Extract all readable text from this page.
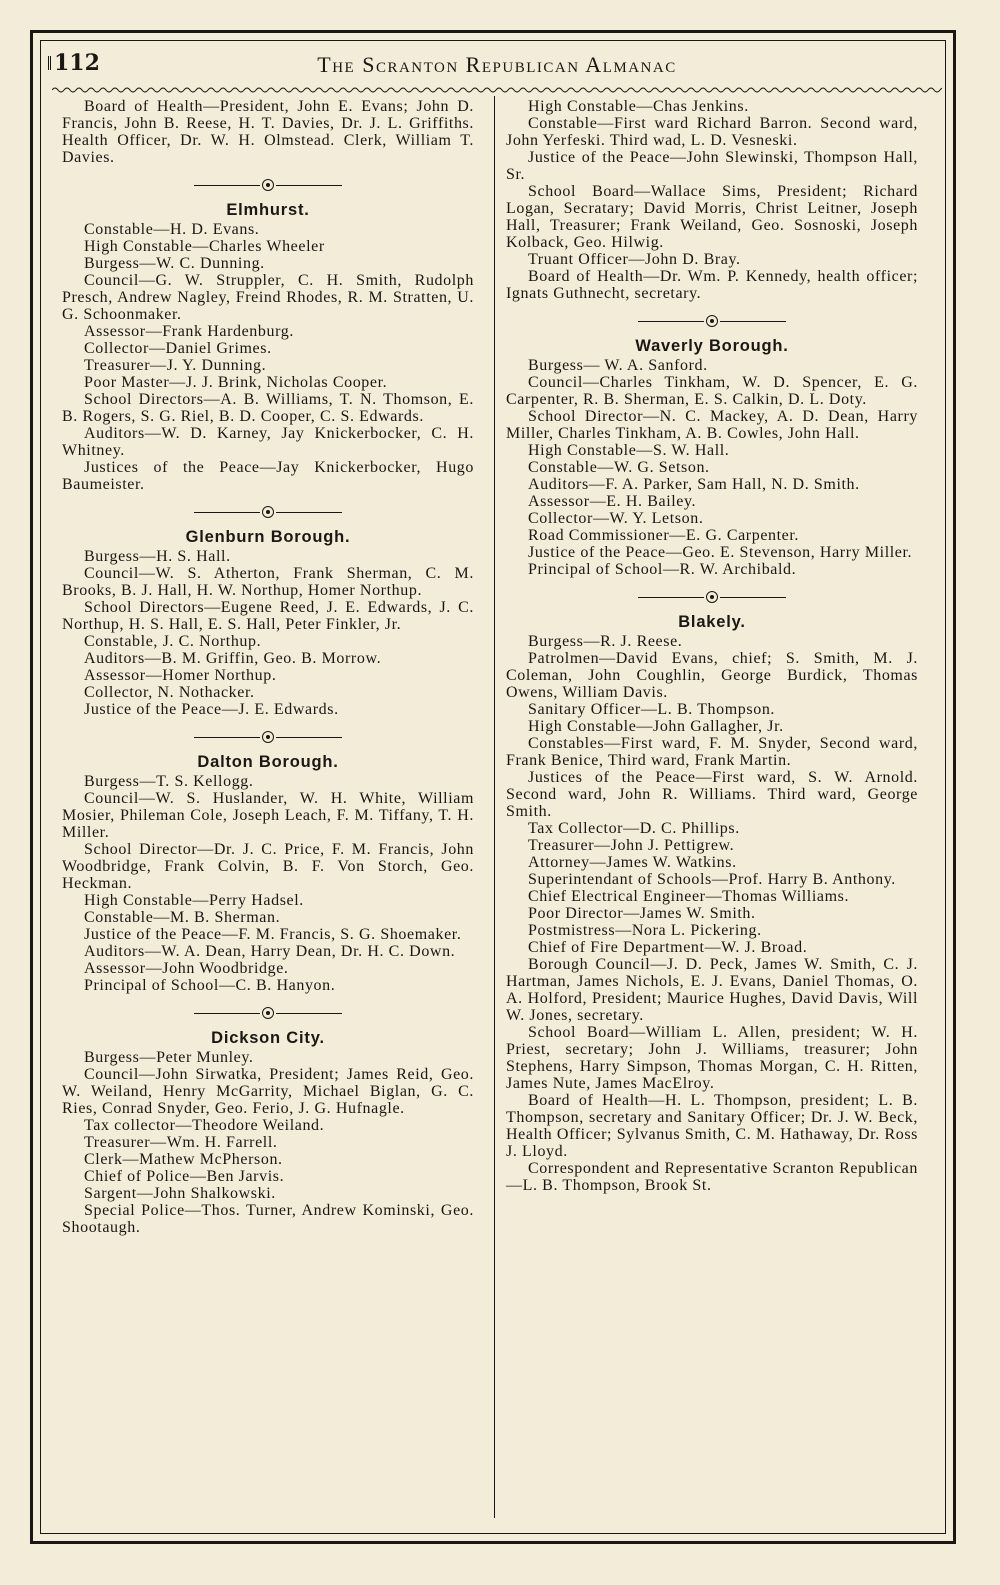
112	The Scranton Republican Almanac

Board of Health—President, John E. Evans; John D. Francis, John B. Reese, H. T. Davies, Dr. J. L. Griffiths. Health Officer, Dr. W. H. Olmstead. Clerk, William T. Davies.

Elmhurst.

Constable—H. D. Evans.

High Constable—Charles Wheeler

Burgess—W. C. Dunning.

Council—G. W. Struppler, C. H. Smith, Rudolph Presch, Andrew Nagley, Freind Rhodes, R. M. Stratten, U. G. Schoonmaker.

Assessor—Frank Hardenburg.

Collector—Daniel Grimes.

Treasurer—J. Y. Dunning.

Poor Master—J. J. Brink, Nicholas Cooper.

School Directors—A. B. Williams, T. N. Thomson, E. B. Rogers, S. G. Riel, B. D. Cooper, C. S. Edwards.

Auditors—W. D. Karney, Jay Knickerbocker, C. H. Whitney.

Justices of the Peace—Jay Knickerbocker, Hugo Baumeister.

Glenburn Borough.

Burgess—H. S. Hall.

Council—W. S. Atherton, Frank Sherman, C. M. Brooks, B. J. Hall, H. W. Northup, Homer Northup.

School Directors—Eugene Reed, J. E. Edwards, J. C. Northup, H. S. Hall, E. S. Hall, Peter Finkler, Jr.

Constable, J. C. Northup.

Auditors—B. M. Griffin, Geo. B. Morrow.

Assessor—Homer Northup.

Collector, N. Nothacker.

Justice of the Peace—J. E. Edwards.

Dalton Borough.

Burgess—T. S. Kellogg.

Council—W. S. Huslander, W. H. White, William Mosier, Phileman Cole, Joseph Leach, F. M. Tiffany, T. H. Miller.

School Director—Dr. J. C. Price, F. M. Francis, John Woodbridge, Frank Colvin, B. F. Von Storch, Geo. Heckman.

High Constable—Perry Hadsel.

Constable—M. B. Sherman.

Justice of the Peace—F. M. Francis, S. G. Shoemaker.

Auditors—W. A. Dean, Harry Dean, Dr. H. C. Down.

Assessor—John Woodbridge.

Principal of School—C. B. Hanyon.

Dickson City.

Burgess—Peter Munley.

Council—John Sirwatka, President; James Reid, Geo. W. Weiland, Henry McGarrity, Michael Biglan, G. C. Ries, Conrad Snyder, Geo. Ferio, J. G. Hufnagle.

Tax collector—Theodore Weiland.

Treasurer—Wm. H. Farrell.

Clerk—Mathew McPherson.

Chief of Police—Ben Jarvis.

Sargent—John Shalkowski.

Special Police—Thos. Turner, Andrew Kominski, Geo. Shootaugh.

High Constable—Chas Jenkins.

Constable—First ward Richard Barron. Second ward, John Yerfeski. Third wad, L. D. Vesneski.

Justice of the Peace—John Slewinski, Thompson Hall, Sr.

School Board—Wallace Sims, President; Richard Logan, Secratary; David Morris, Christ Leitner, Joseph Hall, Treasurer; Frank Weiland, Geo. Sosnoski, Joseph Kolback, Geo. Hilwig.

Truant Officer—John D. Bray.

Board of Health—Dr. Wm. P. Kennedy, health officer; Ignats Guthnecht, secretary.

Waverly Borough.

Burgess— W. A. Sanford.

Council—Charles Tinkham, W. D. Spencer, E. G. Carpenter, R. B. Sherman, E. S. Calkin, D. L. Doty.

School Director—N. C. Mackey, A. D. Dean, Harry Miller, Charles Tinkham, A. B. Cowles, John Hall.

High Constable—S. W. Hall.

Constable—W. G. Setson.

Auditors—F. A. Parker, Sam Hall, N. D. Smith.

Assessor—E. H. Bailey.

Collector—W. Y. Letson.

Road Commissioner—E. G. Carpenter.

Justice of the Peace—Geo. E. Stevenson, Harry Miller.

Principal of School—R. W. Archibald.

Blakely.

Burgess—R. J. Reese.

Patrolmen—David Evans, chief; S. Smith, M. J. Coleman, John Coughlin, George Burdick, Thomas Owens, William Davis.

Sanitary Officer—L. B. Thompson.

High Constable—John Gallagher, Jr.

Constables—First ward, F. M. Snyder, Second ward, Frank Benice, Third ward, Frank Martin.

Justices of the Peace—First ward, S. W. Arnold. Second ward, John R. Williams. Third ward, George Smith.

Tax Collector—D. C. Phillips.

Treasurer—John J. Pettigrew.

Attorney—James W. Watkins.

Superintendant of Schools—Prof. Harry B. Anthony.

Chief Electrical Engineer—Thomas Williams.

Poor Director—James W. Smith.

Postmistress—Nora L. Pickering.

Chief of Fire Department—W. J. Broad.

Borough Council—J. D. Peck, James W. Smith, C. J. Hartman, James Nichols, E. J. Evans, Daniel Thomas, O. A. Holford, President; Maurice Hughes, David Davis, Will W. Jones, secretary.

School Board—William L. Allen, president; W. H. Priest, secretary; John J. Williams, treasurer; John Stephens, Harry Simpson, Thomas Morgan, C. H. Ritten, James Nute, James MacElroy.

Board of Health—H. L. Thompson, president; L. B. Thompson, secretary and Sanitary Officer; Dr. J. W. Beck, Health Officer; Sylvanus Smith, C. M. Hathaway, Dr. Ross J. Lloyd.

Correspondent and Representative Scranton Republican—L. B. Thompson, Brook St.
